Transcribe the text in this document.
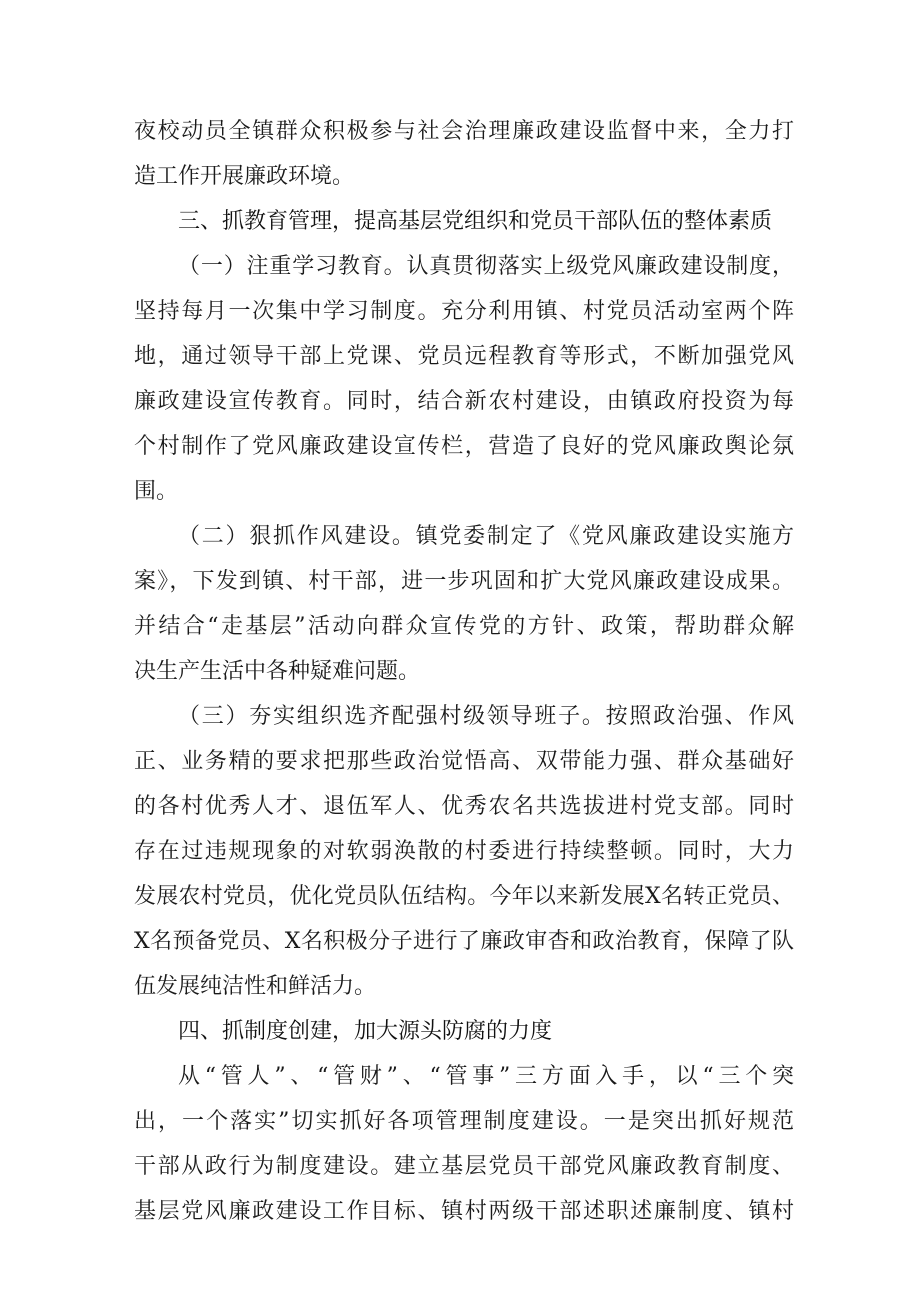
夜校动员全镇群众积极参与社会治理廉政建设监督中来，全力打
造工作开展廉政环境。
三、抓教育管理，提高基层党组织和党员干部队伍的整体素质
（一）注重学习教育。认真贯彻落实上级党风廉政建设制度，
坚持每月一次集中学习制度。充分利用镇、村党员活动室两个阵
地，通过领导干部上党课、党员远程教育等形式，不断加强党风
廉政建设宣传教育。同时，结合新农村建设，由镇政府投资为每
个村制作了党风廉政建设宣传栏，营造了良好的党风廉政舆论氛
围。
（二）狠抓作风建设。镇党委制定了《党风廉政建设实施方
案》，下发到镇、村干部，进一步巩固和扩大党风廉政建设成果。
并结合“走基层”活动向群众宣传党的方针、政策，帮助群众解
决生产生活中各种疑难问题。
（三）夯实组织选齐配强村级领导班子。按照政治强、作风
正、业务精的要求把那些政治觉悟高、双带能力强、群众基础好
的各村优秀人才、退伍军人、优秀农名共选拔进村党支部。同时
存在过违规现象的对软弱涣散的村委进行持续整顿。同时，大力
发展农村党员，优化党员队伍结构。今年以来新发展X名转正党员、
X名预备党员、X名积极分子进行了廉政审杳和政治教育，保障了队
伍发展纯洁性和鲜活力。
四、抓制度创建，加大源头防腐的力度
从“管人”、“管财”、“管事”三方面入手，以“三个突
出，一个落实”切实抓好各项管理制度建设。一是突出抓好规范
干部从政行为制度建设。建立基层党员干部党风廉政教育制度、
基层党风廉政建设工作目标、镇村两级干部述职述廉制度、镇村
